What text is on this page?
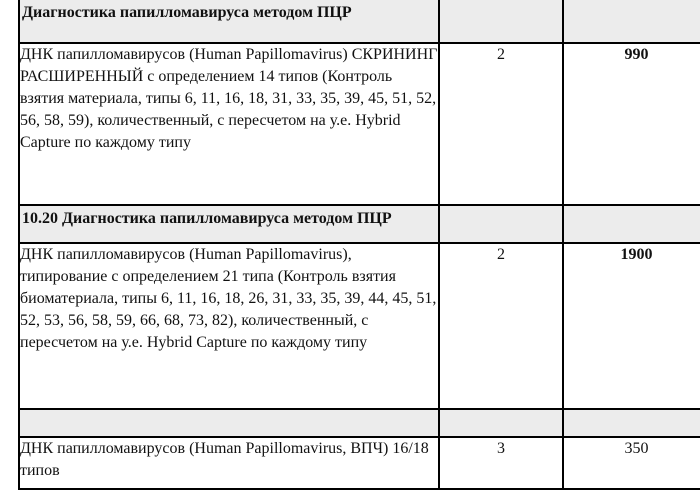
Диагностика папилломавируса методом ПЦР		
ДНК папилломавирусов (Human Papillomavirus) СКРИНИНГ РАСШИРЕННЫЙ с определением 14 типов (Контроль взятия материала, типы 6, 11, 16, 18, 31, 33, 35, 39, 45, 51, 52, 56, 58, 59), количественный, с пересчетом на у.е. Hybrid Capture по каждому типу	2	990
10.20 Диагностика папилломавируса методом ПЦР		
ДНК папилломавирусов (Human Papillomavirus), типирование с определением 21 типа (Контроль взятия биоматериала, типы 6, 11, 16, 18, 26, 31, 33, 35, 39, 44, 45, 51, 52, 53, 56, 58, 59, 66, 68, 73, 82), количественный, с пересчетом на у.е. Hybrid Capture по каждому типу	2	1900

ДНК папилломавирусов (Human Papillomavirus, ВПЧ) 16/18 типов	3	350
